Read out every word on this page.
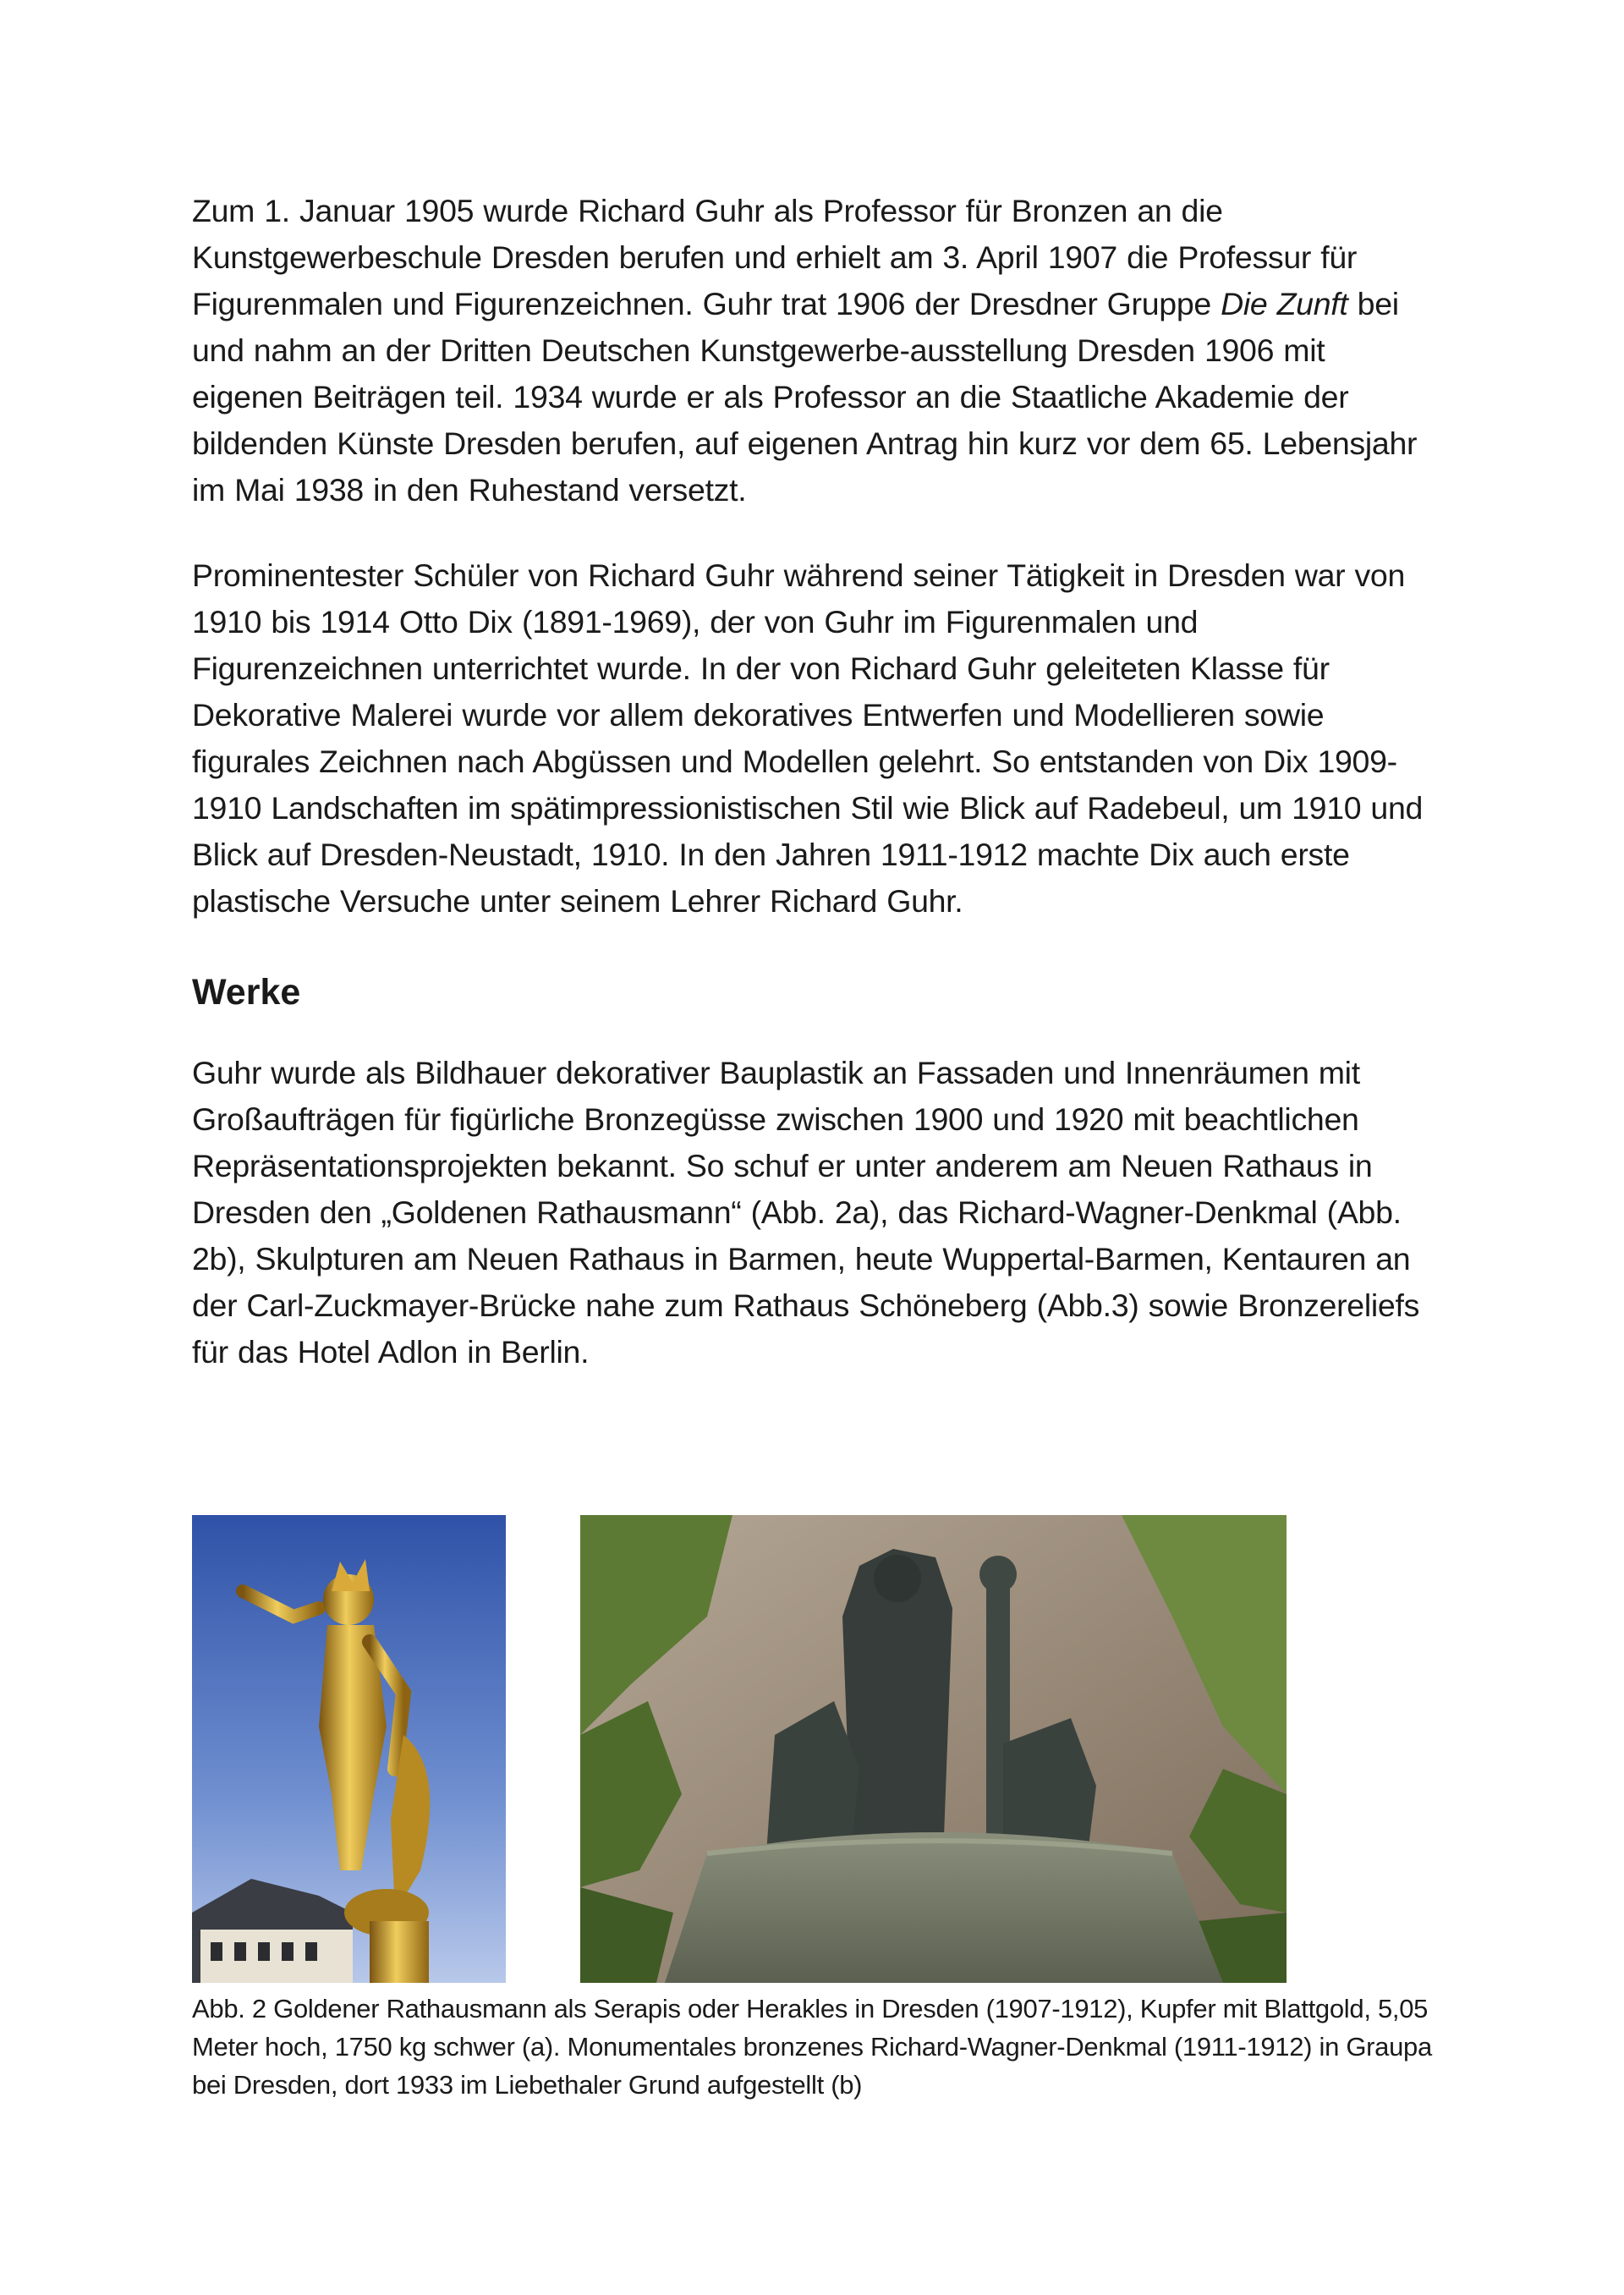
Zum 1. Januar 1905 wurde Richard Guhr als Professor für Bronzen an die Kunstgewerbeschule Dresden berufen und erhielt am 3. April 1907 die Professur für Figurenmalen und Figurenzeichnen. Guhr trat 1906 der Dresdner Gruppe Die Zunft bei und nahm an der Dritten Deutschen Kunstgewerbe-ausstellung Dresden 1906 mit eigenen Beiträgen teil. 1934 wurde er als Professor an die Staatliche Akademie der bildenden Künste Dresden berufen, auf eigenen Antrag hin kurz vor dem 65. Lebensjahr im Mai 1938 in den Ruhestand versetzt.

Prominentester Schüler von Richard Guhr während seiner Tätigkeit in Dresden war von 1910 bis 1914 Otto Dix (1891-1969), der von Guhr im Figurenmalen und Figurenzeichnen unterrichtet wurde. In der von Richard Guhr geleiteten Klasse für Dekorative Malerei wurde vor allem dekoratives Entwerfen und Modellieren sowie figurales Zeichnen nach Abgüssen und Modellen gelehrt. So entstanden von Dix 1909-1910 Landschaften im spätimpressionistischen Stil wie Blick auf Radebeul, um 1910 und Blick auf Dresden-Neustadt, 1910. In den Jahren 1911-1912 machte Dix auch erste plastische Versuche unter seinem Lehrer Richard Guhr.

Werke

Guhr wurde als Bildhauer dekorativer Bauplastik an Fassaden und Innenräumen mit Großaufträgen für figürliche Bronzegüsse zwischen 1900 und 1920 mit beachtlichen Repräsentationsprojekten bekannt. So schuf er unter anderem am Neuen Rathaus in Dresden den „Goldenen Rathausmann“ (Abb. 2a), das Richard-Wagner-Denkmal (Abb. 2b), Skulpturen am Neuen Rathaus in Barmen, heute Wuppertal-Barmen, Kentauren an der Carl-Zuckmayer-Brücke nahe zum Rathaus Schöneberg (Abb.3) sowie Bronzereliefs für das Hotel Adlon in Berlin.

Abb. 2 Goldener Rathausmann als Serapis oder Herakles in Dresden (1907-1912), Kupfer mit Blattgold, 5,05 Meter hoch, 1750 kg schwer (a). Monumentales bronzenes Richard-Wagner-Denkmal (1911-1912) in Graupa bei Dresden, dort 1933 im Liebethaler Grund aufgestellt (b)
